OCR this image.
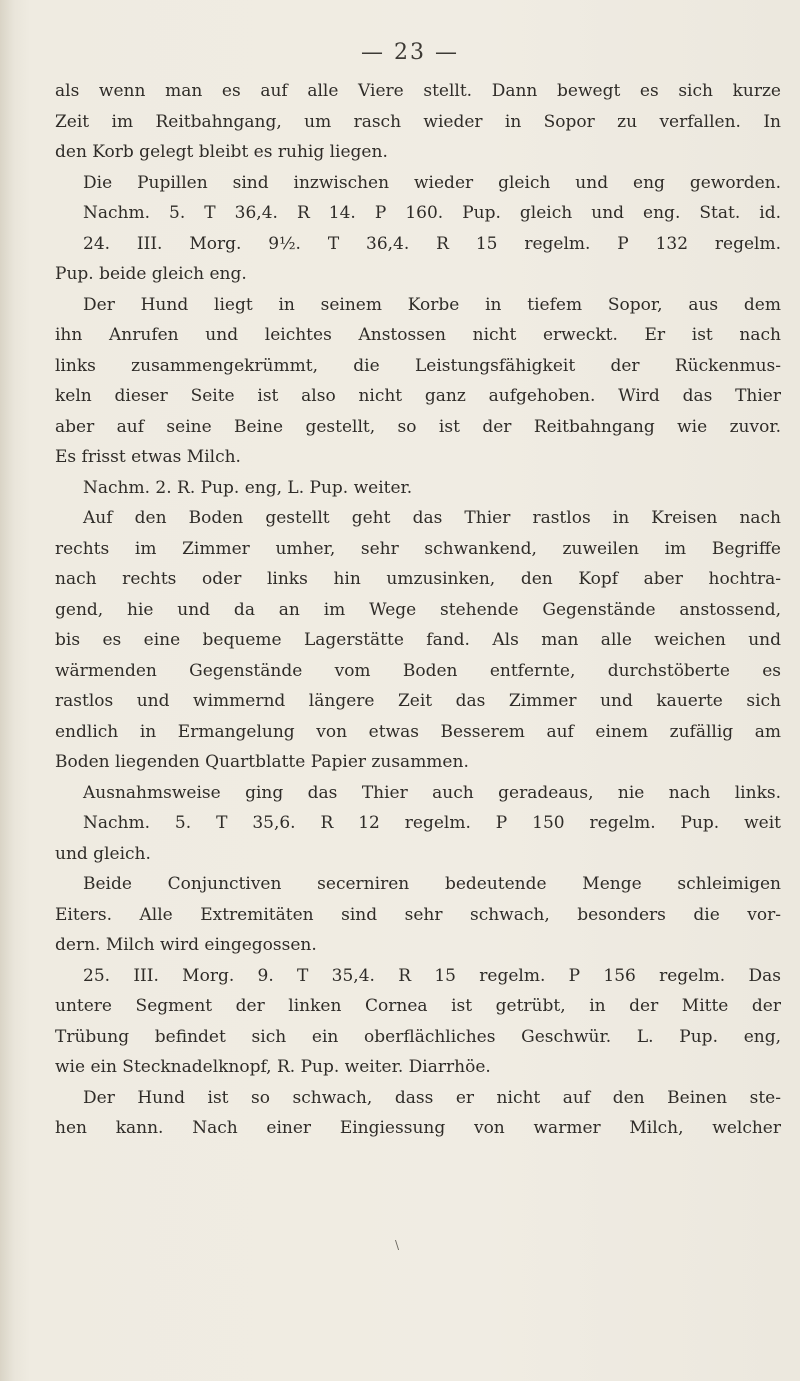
— 23 —
als wenn man es auf alle Viere stellt. Dann bewegt es sich kurze
Zeit im Reitbahngang, um rasch wieder in Sopor zu verfallen. In
den Korb gelegt bleibt es ruhig liegen.
Die Pupillen sind inzwischen wieder gleich und eng geworden.
Nachm. 5. T 36,4. R 14. P 160. Pup. gleich und eng. Stat. id.
24. III. Morg. 9½. T 36,4. R 15 regelm. P 132 regelm.
Pup. beide gleich eng.
Der Hund liegt in seinem Korbe in tiefem Sopor, aus dem
ihn Anrufen und leichtes Anstossen nicht erweckt. Er ist nach
links zusammengekrümmt, die Leistungsfähigkeit der Rückenmus-
keln dieser Seite ist also nicht ganz aufgehoben. Wird das Thier
aber auf seine Beine gestellt, so ist der Reitbahngang wie zuvor.
Es frisst etwas Milch.
Nachm. 2. R. Pup. eng, L. Pup. weiter.
Auf den Boden gestellt geht das Thier rastlos in Kreisen nach
rechts im Zimmer umher, sehr schwankend, zuweilen im Begriffe
nach rechts oder links hin umzusinken, den Kopf aber hochtra-
gend, hie und da an im Wege stehende Gegenstände anstossend,
bis es eine bequeme Lagerstätte fand. Als man alle weichen und
wärmenden Gegenstände vom Boden entfernte, durchstöberte es
rastlos und wimmernd längere Zeit das Zimmer und kauerte sich
endlich in Ermangelung von etwas Besserem auf einem zufällig am
Boden liegenden Quartblatte Papier zusammen.
Ausnahmsweise ging das Thier auch geradeaus, nie nach links.
Nachm. 5. T 35,6. R 12 regelm. P 150 regelm. Pup. weit
und gleich.
Beide Conjunctiven secerniren bedeutende Menge schleimigen
Eiters. Alle Extremitäten sind sehr schwach, besonders die vor-
dern. Milch wird eingegossen.
25. III. Morg. 9. T 35,4. R 15 regelm. P 156 regelm. Das
untere Segment der linken Cornea ist getrübt, in der Mitte der
Trübung befindet sich ein oberflächliches Geschwür. L. Pup. eng,
wie ein Stecknadelknopf, R. Pup. weiter. Diarrhöe.
Der Hund ist so schwach, dass er nicht auf den Beinen ste-
hen kann. Nach einer Eingiessung von warmer Milch, welcher
\
